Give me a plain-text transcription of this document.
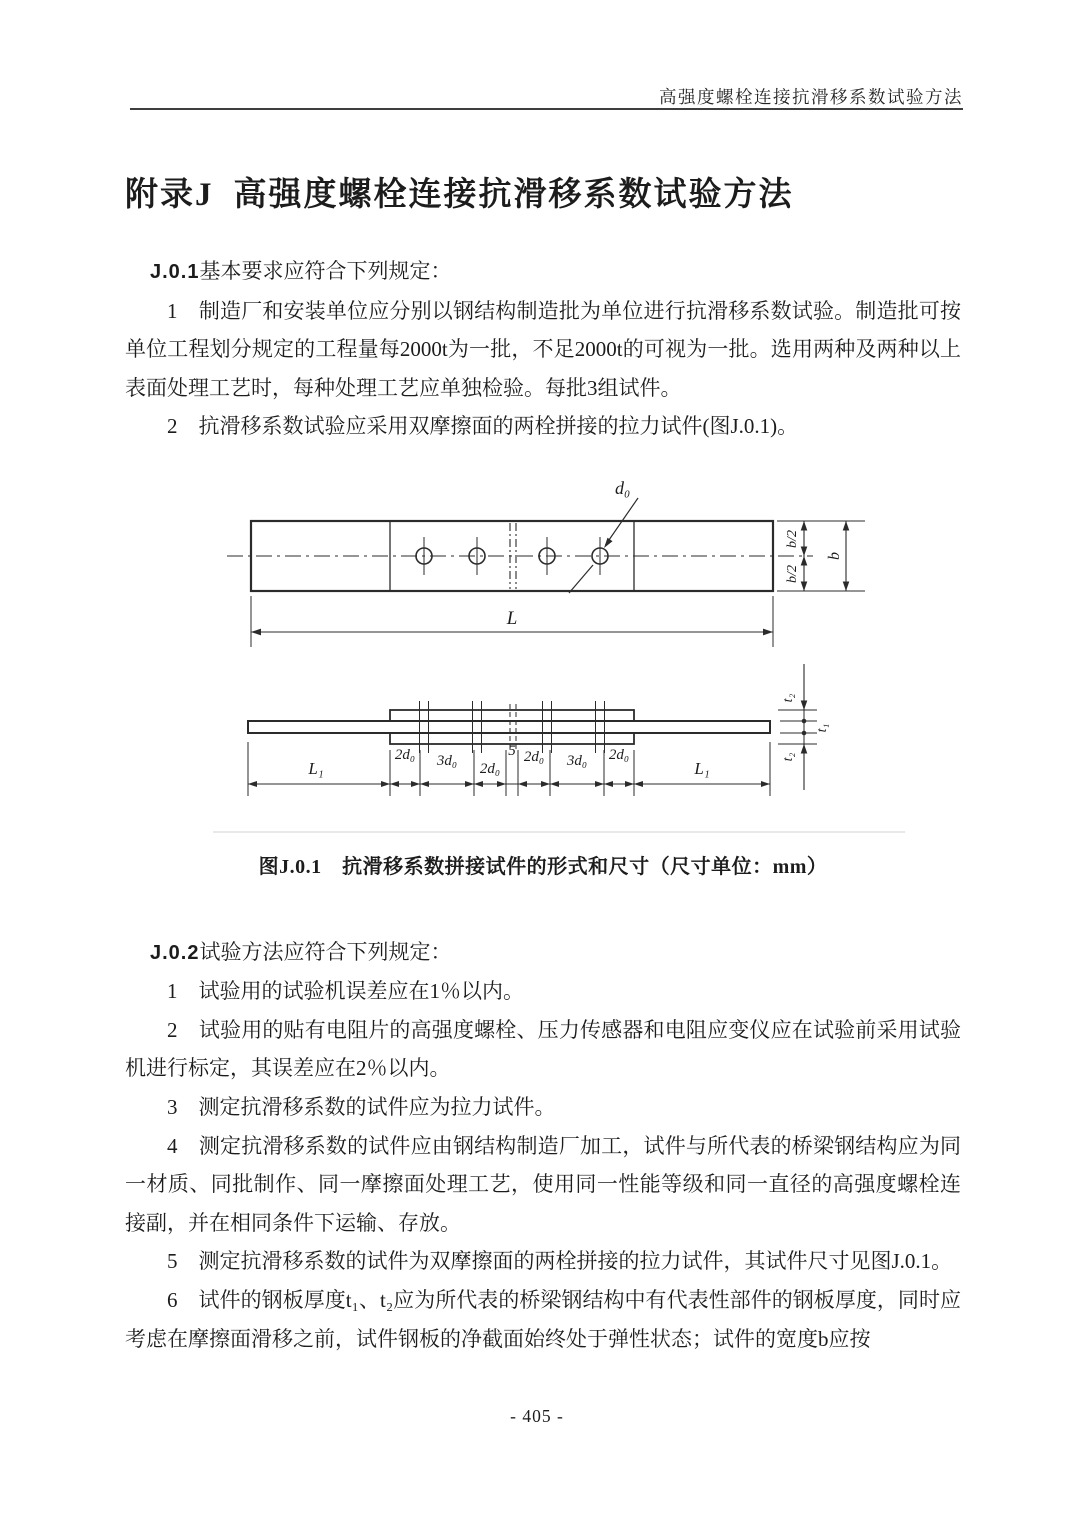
高强度螺栓连接抗滑移系数试验方法
附录J 高强度螺栓连接抗滑移系数试验方法

J.0.1基本要求应符合下列规定：

1　制造厂和安装单位应分别以钢结构制造批为单位进行抗滑移系数试验。制造批可按单位工程划分规定的工程量每2000t为一批，不足2000t的可视为一批。选用两种及两种以上表面处理工艺时，每种处理工艺应单独检验。每批3组试件。

2　抗滑移系数试验应采用双摩擦面的两栓拼接的拉力试件(图J.0.1)。

d₀
b/2
b/2
b
L
L₁
2d₀ 3d₀ 2d₀
5 2d₀ 3d₀ 2d₀
L₁
t₂
t₁
t₂

图J.0.1　抗滑移系数拼接试件的形式和尺寸（尺寸单位：mm）

J.0.2试验方法应符合下列规定：

1　试验用的试验机误差应在1％以内。

2　试验用的贴有电阻片的高强度螺栓、压力传感器和电阻应变仪应在试验前采用试验机进行标定，其误差应在2％以内。

3　测定抗滑移系数的试件应为拉力试件。

4　测定抗滑移系数的试件应由钢结构制造厂加工，试件与所代表的桥梁钢结构应为同一材质、同批制作、同一摩擦面处理工艺，使用同一性能等级和同一直径的高强度螺栓连接副，并在相同条件下运输、存放。

5　测定抗滑移系数的试件为双摩擦面的两栓拼接的拉力试件，其试件尺寸见图J.0.1。

6　试件的钢板厚度t₁、t₂应为所代表的桥梁钢结构中有代表性部件的钢板厚度，同时应考虑在摩擦面滑移之前，试件钢板的净截面始终处于弹性状态；试件的宽度b应按

- 405 -
